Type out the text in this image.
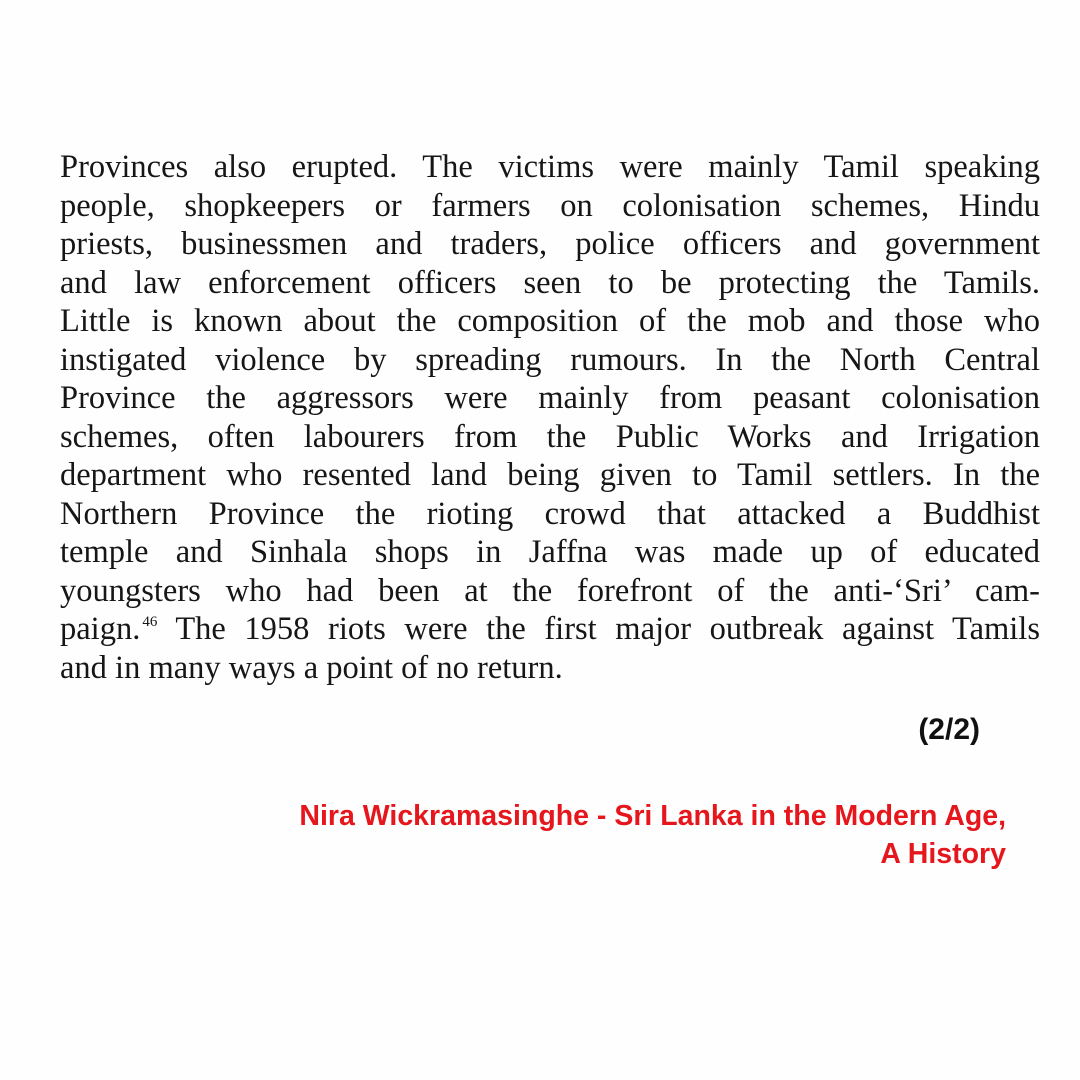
Provinces also erupted. The victims were mainly Tamil speaking
people, shopkeepers or farmers on colonisation schemes, Hindu
priests, businessmen and traders, police officers and government
and law enforcement officers seen to be protecting the Tamils.
Little is known about the composition of the mob and those who
instigated violence by spreading rumours. In the North Central
Province the aggressors were mainly from peasant colonisation
schemes, often labourers from the Public Works and Irrigation
department who resented land being given to Tamil settlers. In the
Northern Province the rioting crowd that attacked a Buddhist
temple and Sinhala shops in Jaffna was made up of educated
youngsters who had been at the forefront of the anti-‘Sri’ cam-
paign. $^{46}$ The 1958 riots were the first major outbreak against Tamils
and in many ways a point of no return.
(2/2)
Nira Wickramasinghe - Sri Lanka in the Modern Age,
A History
